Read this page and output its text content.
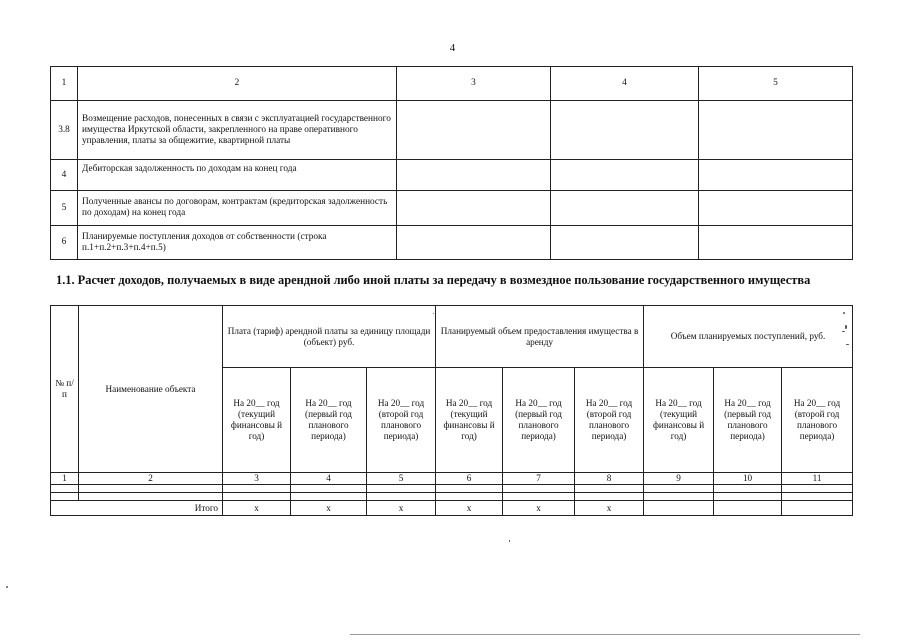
4
1	2	3	4	5
3.8	Возмещение расходов, понесенных в связи с эксплуатацией государственного имущества Иркутской области, закрепленного на праве оперативного управления, платы за общежитие, квартирной платы			
4	Дебиторская задолженность по доходам на конец года			
5	Полученные авансы по договорам, контрактам (кредиторская задолженность по доходам) на конец года			
6	Планируемые поступления доходов от собственности (строка п.1+п.2+п.3+п.4+п.5)			
1.1. Расчет доходов, получаемых в виде арендной либо иной платы за передачу в возмездное пользование государственного имущества
№ п/п	Наименование объекта	Плата (тариф) арендной платы за единицу площади (объект) руб.			Планируемый объем предоставления имущества в аренду			Объем планируемых поступлений, руб.		
		На 20__ год (текущий финансовы й год)	На 20__ год (первый год планового периода)	На 20__ год (второй год планового периода)	На 20__ год (текущий финансовы й год)	На 20__ год (первый год планового периода)	На 20__ год (второй год планового периода)	На 20__ год (текущий финансовы й год)	На 20__ год (первый год планового периода)	На 20__ год (второй год планового периода)
1	2	3	4	5	6	7	8	9	10	11

Итого		x	x	x	x	x	x			
